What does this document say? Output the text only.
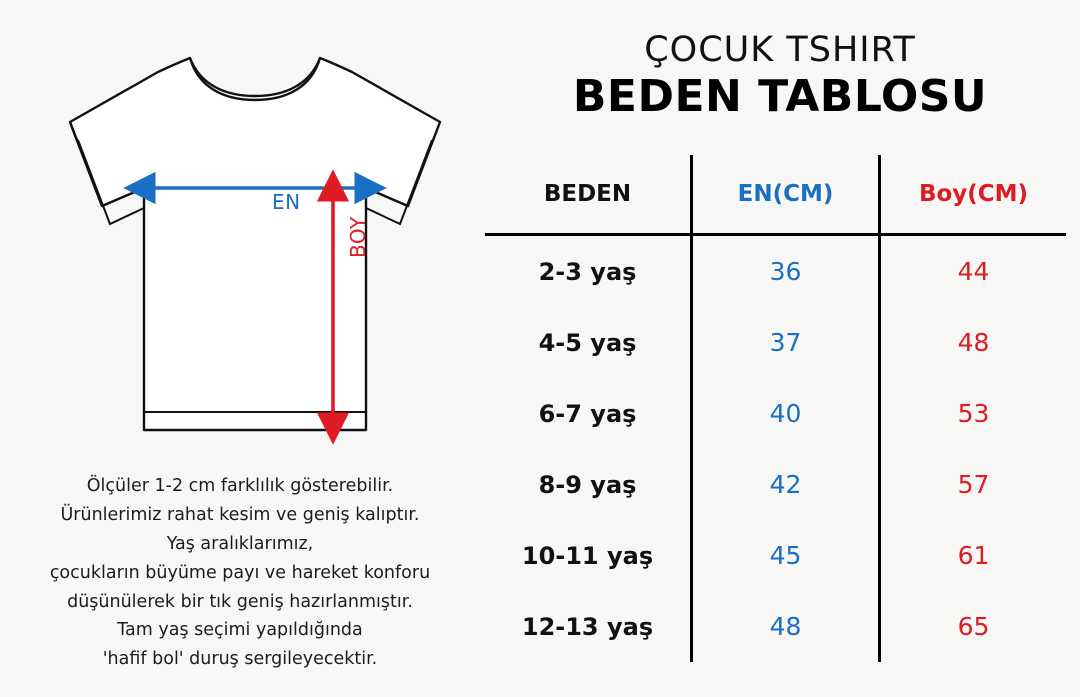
EN
BOY
Ölçüler 1-2 cm farklılık gösterebilir.
Ürünlerimiz rahat kesim ve geniş kalıptır.
Yaş aralıklarımız,
çocukların büyüme payı ve hareket konforu
düşünülerek bir tık geniş hazırlanmıştır.
Tam yaş seçimi yapıldığında
'hafif bol' duruş sergileyecektir.
ÇOCUK TSHIRT
BEDEN TABLOSU
BEDEN	EN(CM)	Boy(CM)
2-3 yaş	36	44
4-5 yaş	37	48
6-7 yaş	40	53
8-9 yaş	42	57
10-11 yaş	45	61
12-13 yaş	48	65
